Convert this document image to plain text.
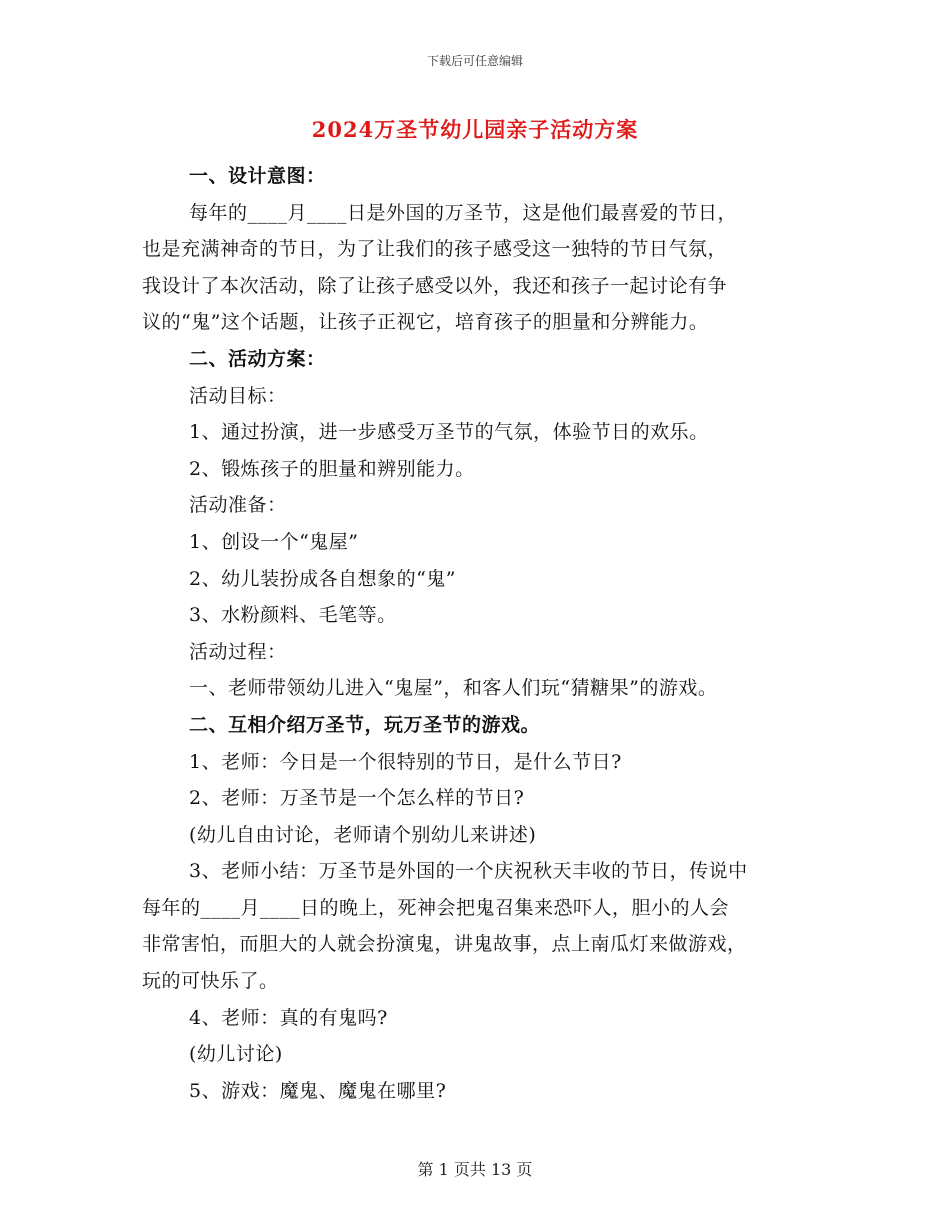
下载后可任意编辑
2024万圣节幼儿园亲子活动方案
一、设计意图：
每年的____月____日是外国的万圣节，这是他们最喜爱的节日，
也是充满神奇的节日，为了让我们的孩子感受这一独特的节日气氛，
我设计了本次活动，除了让孩子感受以外，我还和孩子一起讨论有争
议的“鬼”这个话题，让孩子正视它，培育孩子的胆量和分辨能力。
二、活动方案：
活动目标：
1、通过扮演，进一步感受万圣节的气氛，体验节日的欢乐。
2、锻炼孩子的胆量和辨别能力。
活动准备：
1、创设一个“鬼屋”
2、幼儿装扮成各自想象的“鬼”
3、水粉颜料、毛笔等。
活动过程：
一、老师带领幼儿进入“鬼屋”，和客人们玩“猜糖果”的游戏。
二、互相介绍万圣节，玩万圣节的游戏。
1、老师：今日是一个很特别的节日，是什么节日?
2、老师：万圣节是一个怎么样的节日?
(幼儿自由讨论，老师请个别幼儿来讲述)
3、老师小结：万圣节是外国的一个庆祝秋天丰收的节日，传说中
每年的____月____日的晚上，死神会把鬼召集来恐吓人，胆小的人会
非常害怕，而胆大的人就会扮演鬼，讲鬼故事，点上南瓜灯来做游戏，
玩的可快乐了。
4、老师：真的有鬼吗?
(幼儿讨论)
5、游戏：魔鬼、魔鬼在哪里?
第 1 页共 13 页
